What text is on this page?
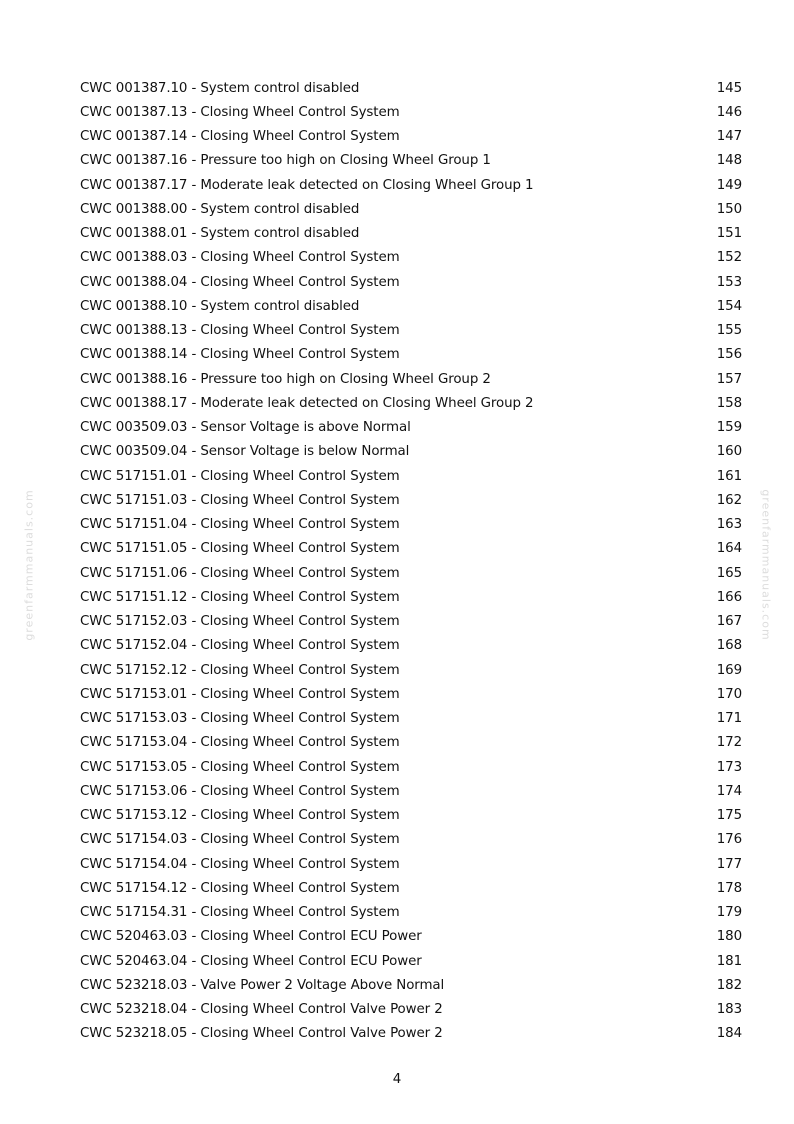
CWC 001387.10 - System control disabled	145
CWC 001387.13 - Closing Wheel Control System	146
CWC 001387.14 - Closing Wheel Control System	147
CWC 001387.16 - Pressure too high on Closing Wheel Group 1	148
CWC 001387.17 - Moderate leak detected on Closing Wheel Group 1	149
CWC 001388.00 - System control disabled	150
CWC 001388.01 - System control disabled	151
CWC 001388.03 - Closing Wheel Control System	152
CWC 001388.04 - Closing Wheel Control System	153
CWC 001388.10 - System control disabled	154
CWC 001388.13 - Closing Wheel Control System	155
CWC 001388.14 - Closing Wheel Control System	156
CWC 001388.16 - Pressure too high on Closing Wheel Group 2	157
CWC 001388.17 - Moderate leak detected on Closing Wheel Group 2	158
CWC 003509.03 - Sensor Voltage is above Normal	159
CWC 003509.04 - Sensor Voltage is below Normal	160
CWC 517151.01 - Closing Wheel Control System	161
CWC 517151.03 - Closing Wheel Control System	162
CWC 517151.04 - Closing Wheel Control System	163
CWC 517151.05 - Closing Wheel Control System	164
CWC 517151.06 - Closing Wheel Control System	165
CWC 517151.12 - Closing Wheel Control System	166
CWC 517152.03 - Closing Wheel Control System	167
CWC 517152.04 - Closing Wheel Control System	168
CWC 517152.12 - Closing Wheel Control System	169
CWC 517153.01 - Closing Wheel Control System	170
CWC 517153.03 - Closing Wheel Control System	171
CWC 517153.04 - Closing Wheel Control System	172
CWC 517153.05 - Closing Wheel Control System	173
CWC 517153.06 - Closing Wheel Control System	174
CWC 517153.12 - Closing Wheel Control System	175
CWC 517154.03 - Closing Wheel Control System	176
CWC 517154.04 - Closing Wheel Control System	177
CWC 517154.12 - Closing Wheel Control System	178
CWC 517154.31 - Closing Wheel Control System	179
CWC 520463.03 - Closing Wheel Control ECU Power	180
CWC 520463.04 - Closing Wheel Control ECU Power	181
CWC 523218.03 - Valve Power 2 Voltage Above Normal	182
CWC 523218.04 - Closing Wheel Control Valve Power 2	183
CWC 523218.05 - Closing Wheel Control Valve Power 2	184
4
greenfarmmanuals.com	greenfarmmanuals.com
